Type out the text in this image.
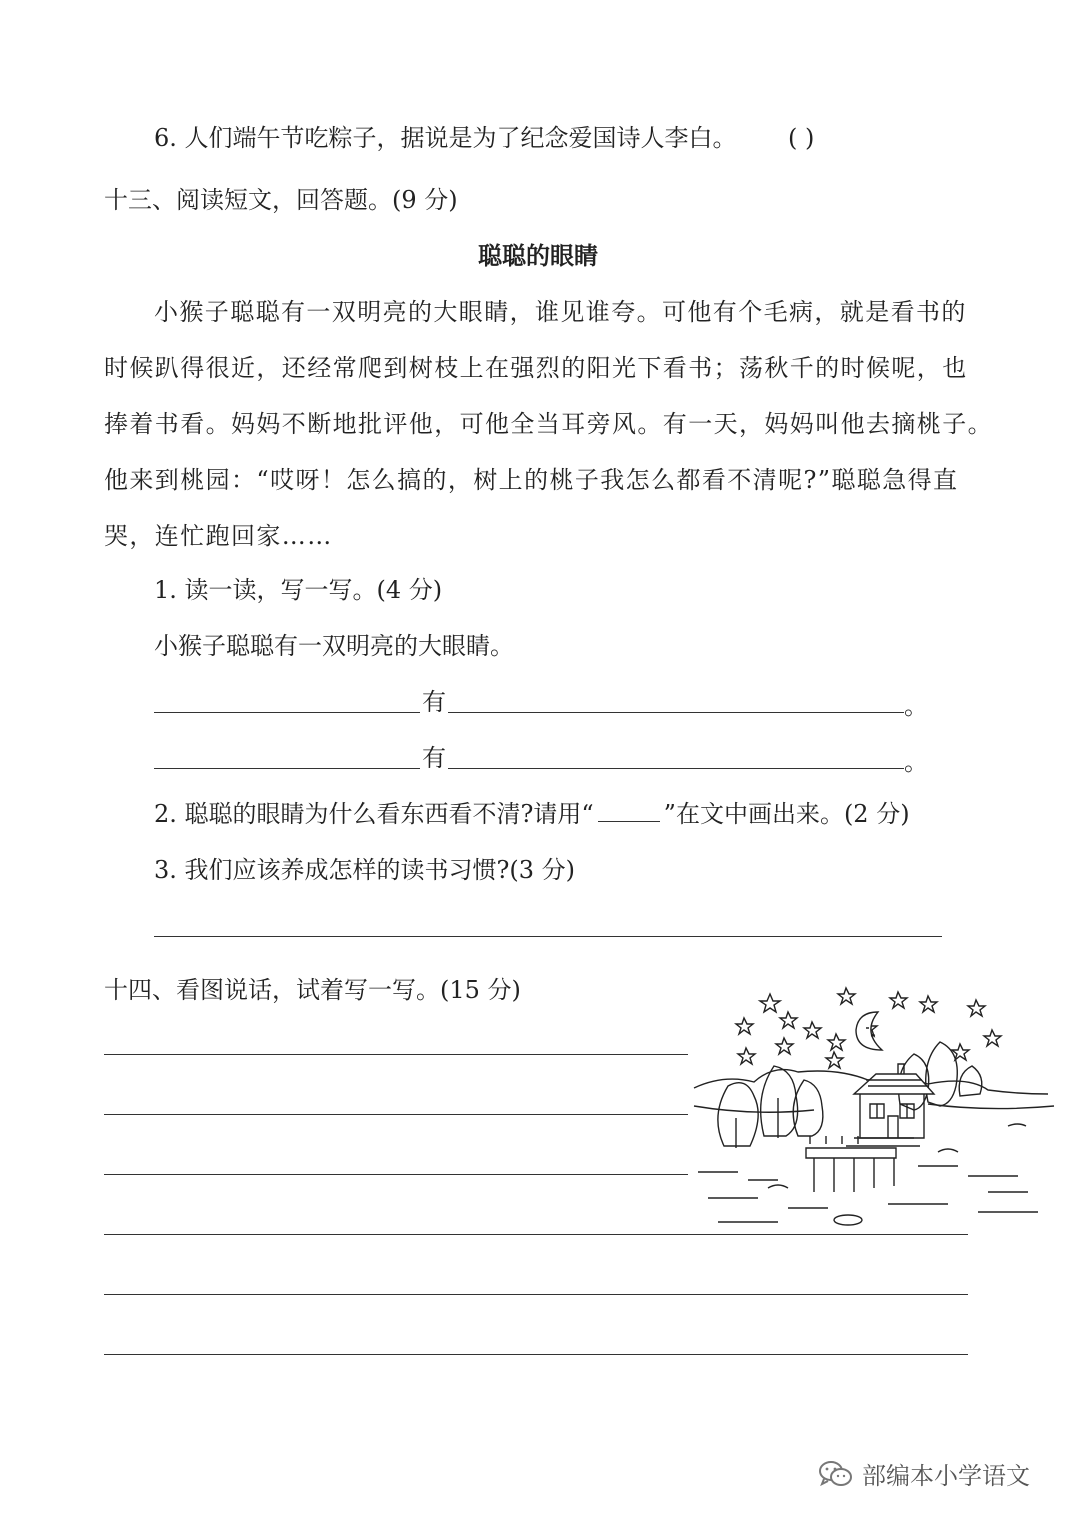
6. 人们端午节吃粽子，据说是为了纪念爱国诗人李白。 ( )
十三、阅读短文，回答题。(9 分)
聪聪的眼睛
小猴子聪聪有一双明亮的大眼睛，谁见谁夸。可他有个毛病，就是看书的
时候趴得很近，还经常爬到树枝上在强烈的阳光下看书；荡秋千的时候呢，也
捧着书看。妈妈不断地批评他，可他全当耳旁风。有一天，妈妈叫他去摘桃子。
他来到桃园：“哎呀！怎么搞的，树上的桃子我怎么都看不清呢?”聪聪急得直
哭，连忙跑回家……
1. 读一读，写一写。(4 分)
小猴子聪聪有一双明亮的大眼睛。
有	。
有	。
2. 聪聪的眼睛为什么看东西看不清?请用“	”在文中画出来。(2 分)
3. 我们应该养成怎样的读书习惯?(3 分)
十四、看图说话，试着写一写。(15 分)
部编本小学语文
